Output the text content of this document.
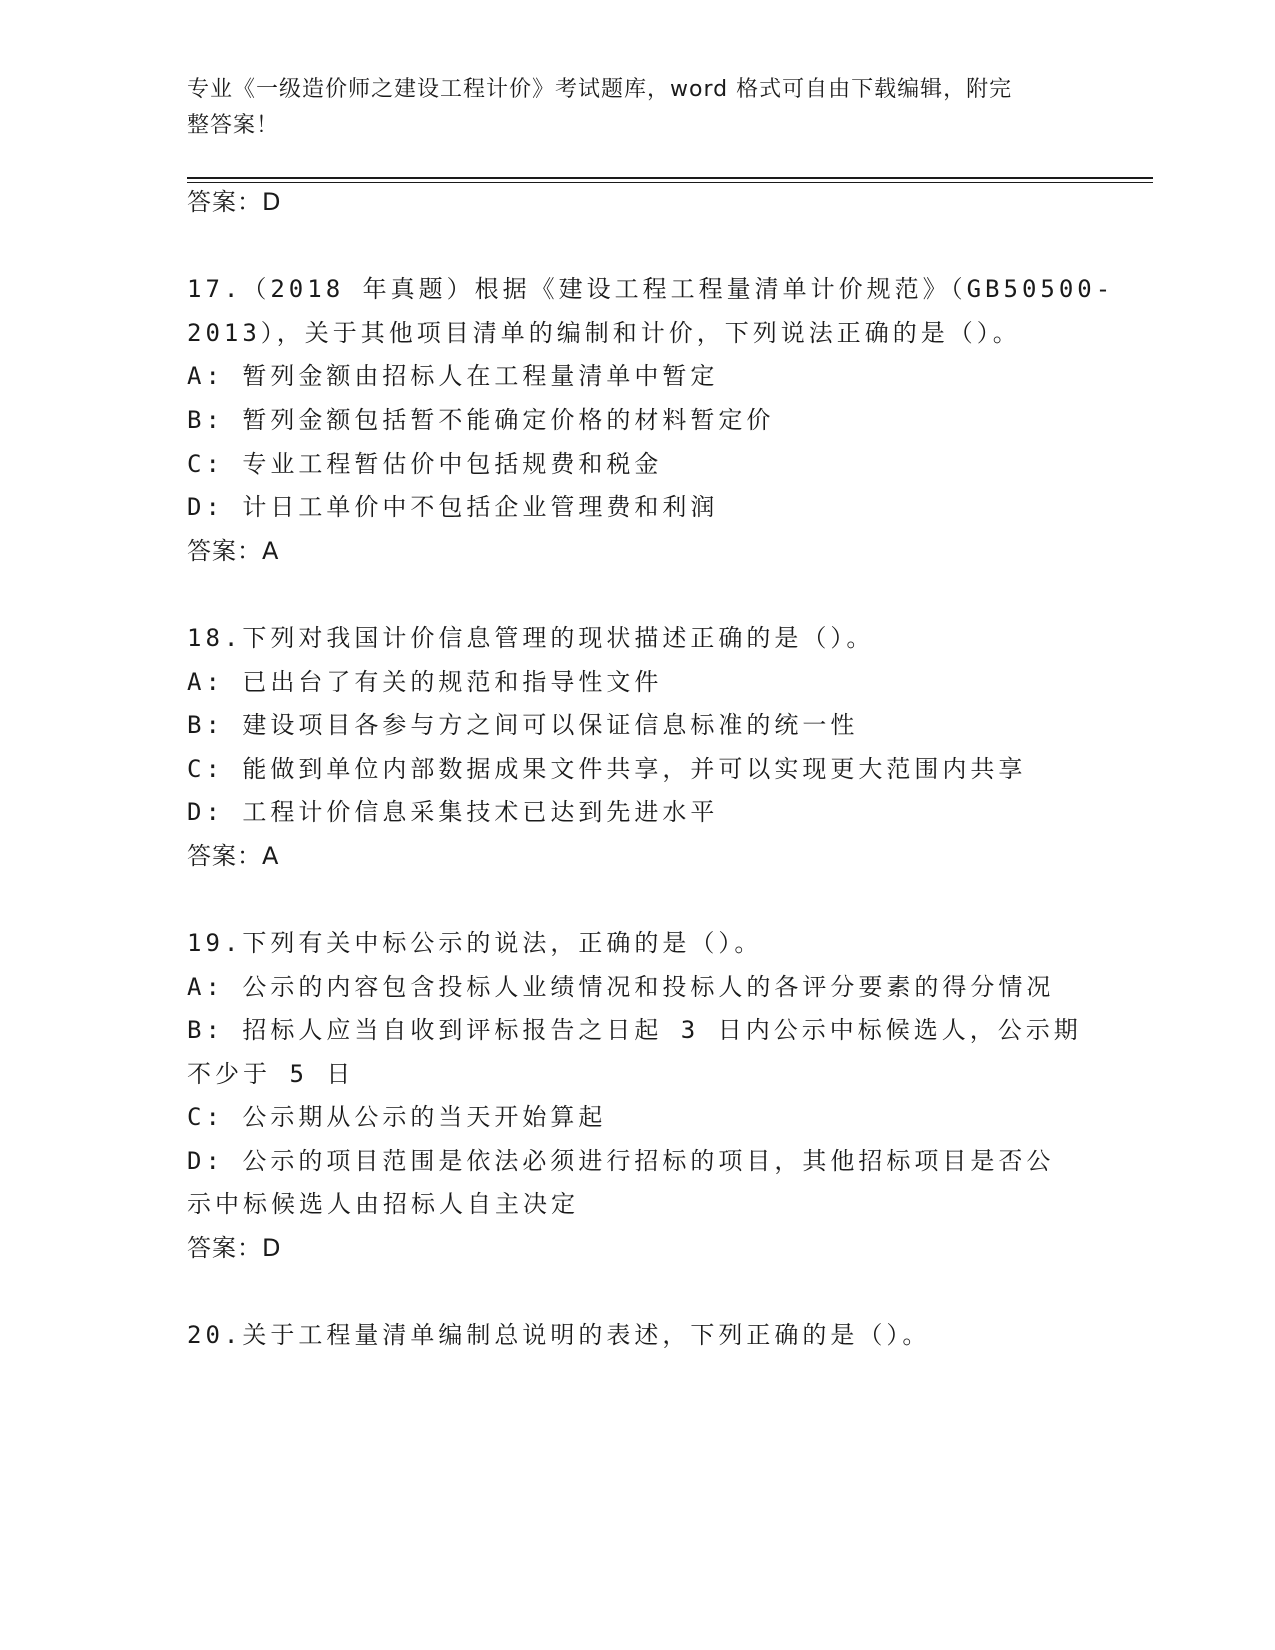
专业《一级造价师之建设工程计价》考试题库，word 格式可自由下载编辑，附完
整答案！
答案：D
17.（2018 年真题）根据《建设工程工程量清单计价规范》（GB50500-
2013），关于其他项目清单的编制和计价，下列说法正确的是（）。
A: 暂列金额由招标人在工程量清单中暂定
B: 暂列金额包括暂不能确定价格的材料暂定价
C: 专业工程暂估价中包括规费和税金
D: 计日工单价中不包括企业管理费和利润
答案：A
18.下列对我国计价信息管理的现状描述正确的是（）。
A: 已出台了有关的规范和指导性文件
B: 建设项目各参与方之间可以保证信息标准的统一性
C: 能做到单位内部数据成果文件共享，并可以实现更大范围内共享
D: 工程计价信息采集技术已达到先进水平
答案：A
19.下列有关中标公示的说法，正确的是（）。
A: 公示的内容包含投标人业绩情况和投标人的各评分要素的得分情况
B: 招标人应当自收到评标报告之日起 3 日内公示中标候选人，公示期
不少于 5 日
C: 公示期从公示的当天开始算起
D: 公示的项目范围是依法必须进行招标的项目，其他招标项目是否公
示中标候选人由招标人自主决定
答案：D
20.关于工程量清单编制总说明的表述，下列正确的是（）。
